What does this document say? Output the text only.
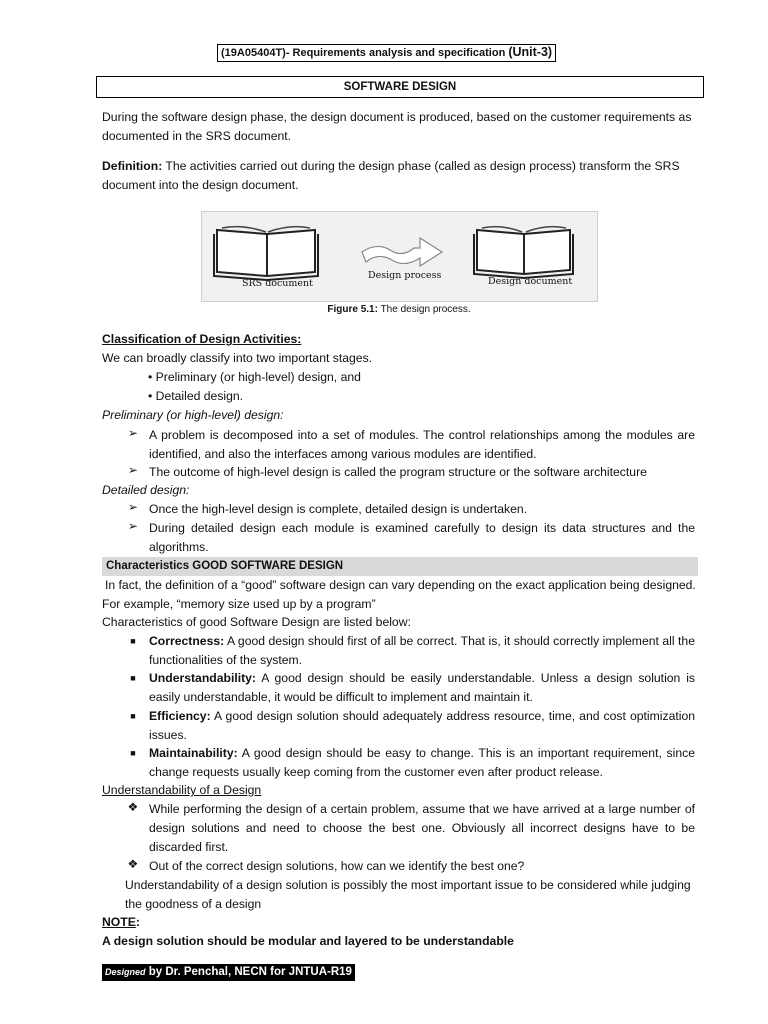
(19A05404T)- Requirements analysis and specification (Unit-3)
SOFTWARE DESIGN
During the software design phase, the design document is produced, based on the customer requirements as documented in the SRS document.
Definition: The activities carried out during the design phase (called as design process) transform the SRS document into the design document.
SRS document
Design process
Design document
Figure 5.1: The design process.
Classification of Design Activities:
We can broadly classify into two important stages.
• Preliminary (or high-level) design, and
• Detailed design.
Preliminary (or high-level) design:
➢ A problem is decomposed into a set of modules. The control relationships among the modules are identified, and also the interfaces among various modules are identified.
➢ The outcome of high-level design is called the program structure or the software architecture
Detailed design:
➢ Once the high-level design is complete, detailed design is undertaken.
➢ During detailed design each module is examined carefully to design its data structures and the algorithms.
Characteristics GOOD SOFTWARE DESIGN
In fact, the definition of a “good” software design can vary depending on the exact application being designed. For example, “memory size used up by a program”
Characteristics of good Software Design are listed below:
■	Correctness: A good design should first of all be correct. That is, it should correctly implement all the functionalities of the system.
■	Understandability: A good design should be easily understandable. Unless a design solution is easily understandable, it would be difficult to implement and maintain it.
■	Efficiency: A good design solution should adequately address resource, time, and cost optimization issues.
■	Maintainability: A good design should be easy to change. This is an important requirement, since change requests usually keep coming from the customer even after product release.
Understandability of a Design
❖ While performing the design of a certain problem, assume that we have arrived at a large number of design solutions and need to choose the best one. Obviously all incorrect designs have to be discarded first.
❖ Out of the correct design solutions, how can we identify the best one?
Understandability of a design solution is possibly the most important issue to be considered while judging the goodness of a design
NOTE:
A design solution should be modular and layered to be understandable
Designed by Dr. Penchal, NECN for JNTUA-R19
